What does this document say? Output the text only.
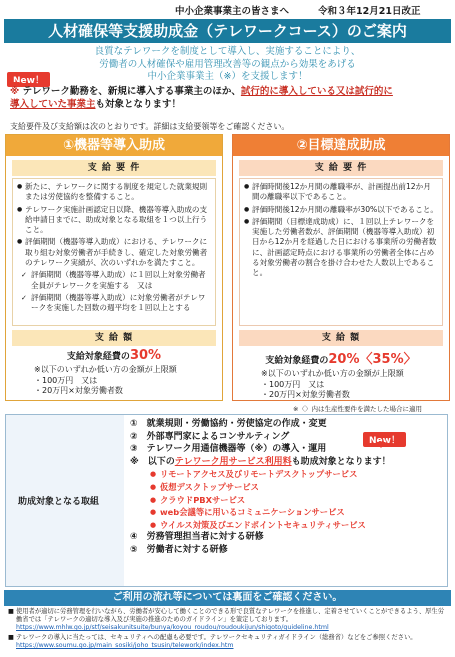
中小企業事業主の皆さまへ	令和３年12月21日改正
人材確保等支援助成金（テレワークコース）のご案内
良質なテレワークを制度として導入し、実施することにより、
労働者の人材確保や雇用管理改善等の観点から効果をあげる
中小企業事業主（※）を支援します！
New！
※ テレワーク勤務を、新規に導入する事業主のほか、試行的に導入している又は試行的に
導入していた事業主も対象となります！
支給要件及び支給額は次のとおりです。詳細は支給要領等をご確認ください。
①機器等導入助成
支 給 要 件
● 新たに、テレワークに関する制度を規定した就業規則または労使協約を整備すること。
● テレワーク実施計画認定日以降、機器等導入助成の支給申請日までに、助成対象となる取組を１つ以上行うこと。
● 評価期間（機器等導入助成）における、テレワークに取り組む対象労働者が手続きし、確定した対象労働者のテレワーク実績が、次のいずれかを満たすこと。
✓ 評価期間（機器等導入助成）に１回以上対象労働者全員がテレワークを実施する　又は
✓ 評価期間（機器等導入助成）に対象労働者がテレワークを実施した回数の週平均を１回以上とする
支 給 額
支給対象経費の30%
※以下のいずれか低い方の金額が上限額
・100万円　又は
・20万円×対象労働者数
②目標達成助成
支 給 要 件
● 評価時間後12か月間の離職率が、計画提出前12か月間の離職率以下であること。
● 評価時間後12か月間の離職率が30%以下であること。
● 評価期間（目標達成助成）に、１回以上テレワークを実施した労働者数が、評価期間（機器等導入助成）初日から12か月を経過した日における事業所の労働者数に、計画認定時点における事業所の労働者全体に占める対象労働者の割合を掛け合わせた人数以上であること。
支 給 額
支給対象経費の20%〈35%〉
※以下のいずれか低い方の金額が上限額
・100万円　又は
・20万円×対象労働者数
※〈〉内は生産性要件を満たした場合に適用
助成対象となる取組
①　就業規則・労働協約・労使協定の作成・変更
②　外部専門家によるコンサルティング
③　テレワーク用通信機器等（※）の導入・運用
※　以下のテレワーク用サービス利用料も助成対象となります！
● リモートアクセス及びリモートデスクトップサービス
● 仮想デスクトップサービス
● クラウドPBXサービス
● web会議等に用いるコミュニケーションサービス
● ウイルス対策及びエンドポイントセキュリティサービス
④　労務管理担当者に対する研修
⑤　労働者に対する研修
New！
ご利用の流れ等については裏面をご確認ください。
■ 使用者が適切に労務管理を行いながら、労働者が安心して働くことのできる形で良質なテレワークを推進し、定着させていくことができるよう、厚生労働省では「テレワークの適切な導入及び実施の推進のためのガイドライン」を策定しております。
https://www.mhlw.go.jp/stf/seisakunitsuite/bunya/koyou_roudou/roudoukijun/shigoto/guideline.html
■ テレワークの導入に当たっては、セキュリティへの配慮も必要です。テレワークセキュリティガイドライン（総務省）などをご参照ください。
https://www.soumu.go.jp/main_sosiki/joho_tsusin/telework/index.htm
